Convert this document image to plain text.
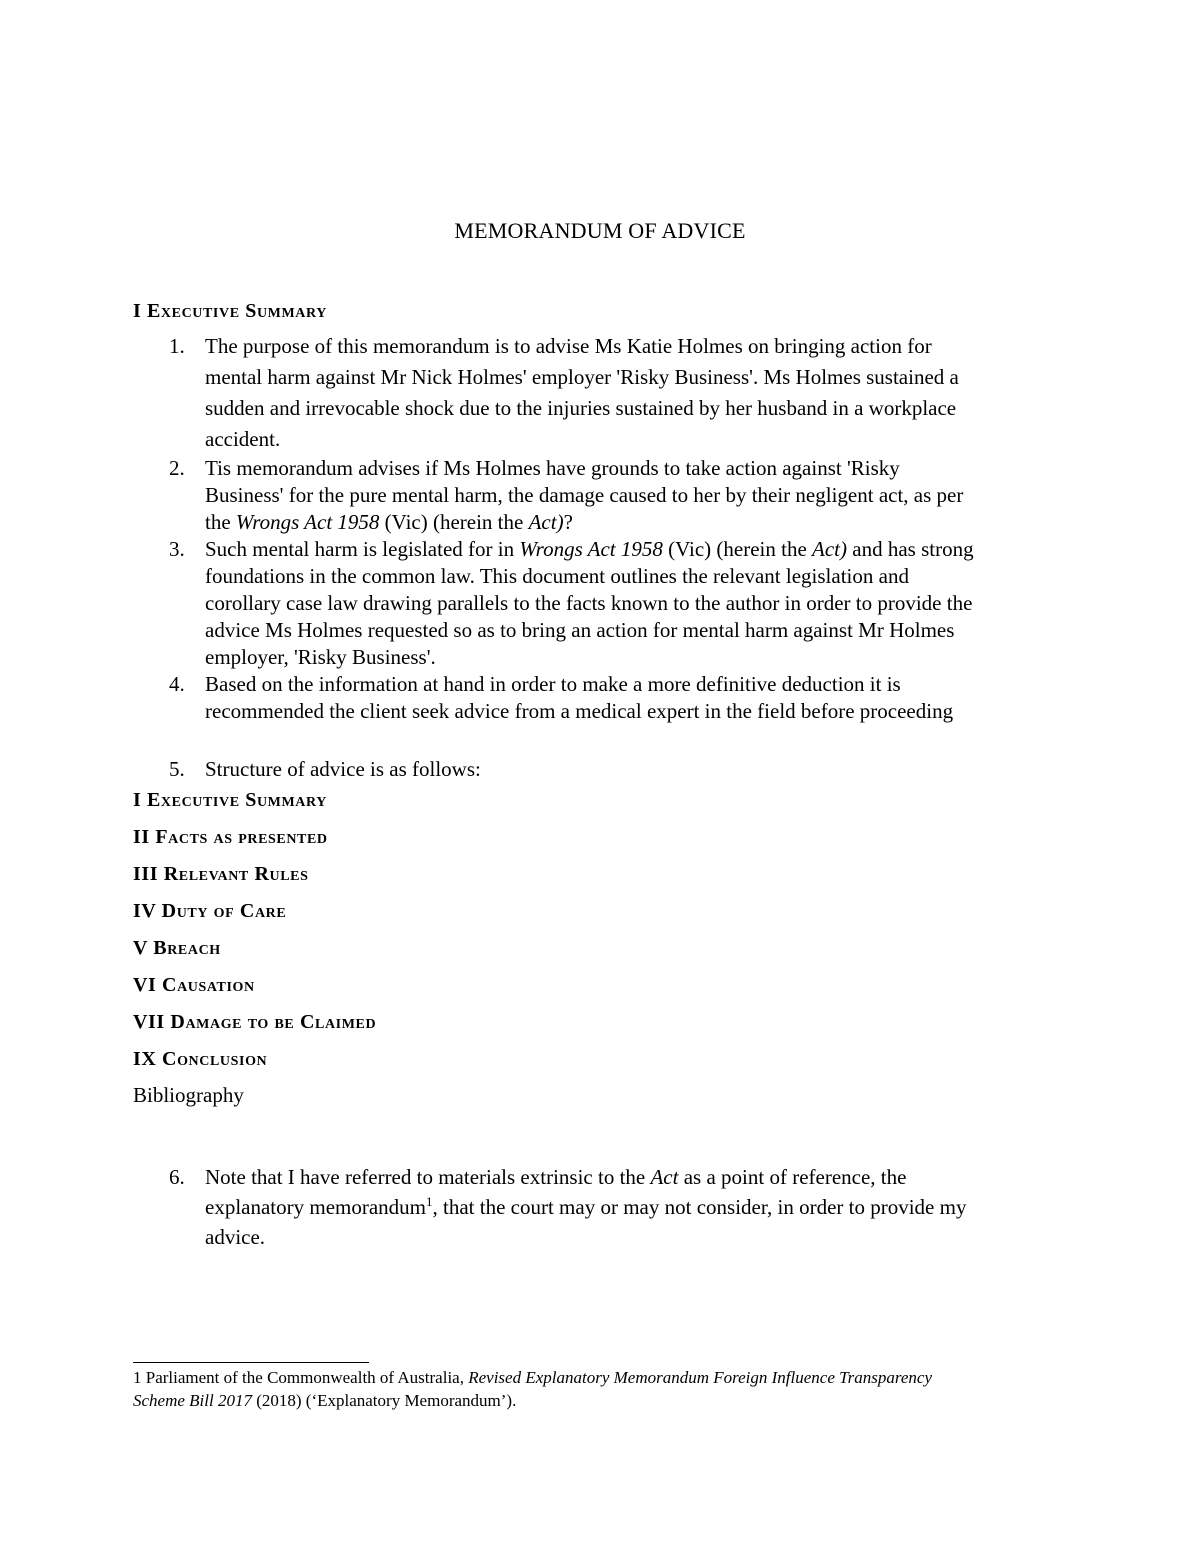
MEMORANDUM OF ADVICE
I Executive Summary
1. The purpose of this memorandum is to advise Ms Katie Holmes on bringing action for
mental harm against Mr Nick Holmes' employer 'Risky Business'. Ms Holmes sustained a
sudden and irrevocable shock due to the injuries sustained by her husband in a workplace
accident.
2. Tis memorandum advises if Ms Holmes have grounds to take action against 'Risky
Business' for the pure mental harm, the damage caused to her by their negligent act, as per
the Wrongs Act 1958 (Vic) (herein the Act)?
3. Such mental harm is legislated for in Wrongs Act 1958 (Vic) (herein the Act) and has strong
foundations in the common law. This document outlines the relevant legislation and
corollary case law drawing parallels to the facts known to the author in order to provide the
advice Ms Holmes requested so as to bring an action for mental harm against Mr Holmes
employer, 'Risky Business'.
4. Based on the information at hand in order to make a more definitive deduction it is
recommended the client seek advice from a medical expert in the field before proceeding
5. Structure of advice is as follows:
I Executive Summary
II Facts as presented
III Relevant Rules
IV Duty of Care
V Breach
VI Causation
VII Damage to be Claimed
IX Conclusion
Bibliography
6. Note that I have referred to materials extrinsic to the Act as a point of reference, the
explanatory memorandum$^1$, that the court may or may not consider, in order to provide my
advice.
1 Parliament of the Commonwealth of Australia, Revised Explanatory Memorandum Foreign Influence Transparency
Scheme Bill 2017 (2018) (‘Explanatory Memorandum’).
